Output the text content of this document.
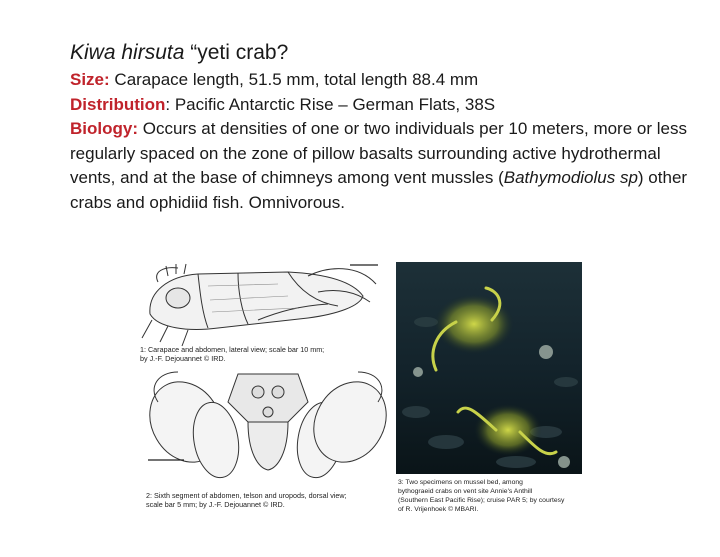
Kiwa hirsuta “yeti crab?

Size: Carapace length, 51.5 mm, total length 88.4 mm

Distribution: Pacific Antarctic Rise – German Flats, 38S

Biology: Occurs at densities of one or two individuals per 10 meters, more or less regularly spaced on the zone of pillow basalts surrounding active hydrothermal vents, and at the base of chimneys among vent mussles (Bathymodiolus sp) other crabs and ophidiid fish. Omnivorous.

1: Carapace and abdomen, lateral view; scale bar 10 mm;
by J.-F. Dejouannet © IRD.
2: Sixth segment of abdomen, telson and uropods, dorsal view;
scale bar 5 mm; by J.-F. Dejouannet © IRD.
3: Two specimens on mussel bed, among
bythograeid crabs on vent site Annie's Anthill
(Southern East Pacific Rise); cruise PAR 5; by courtesy
of R. Vrijenhoek © MBARI.
